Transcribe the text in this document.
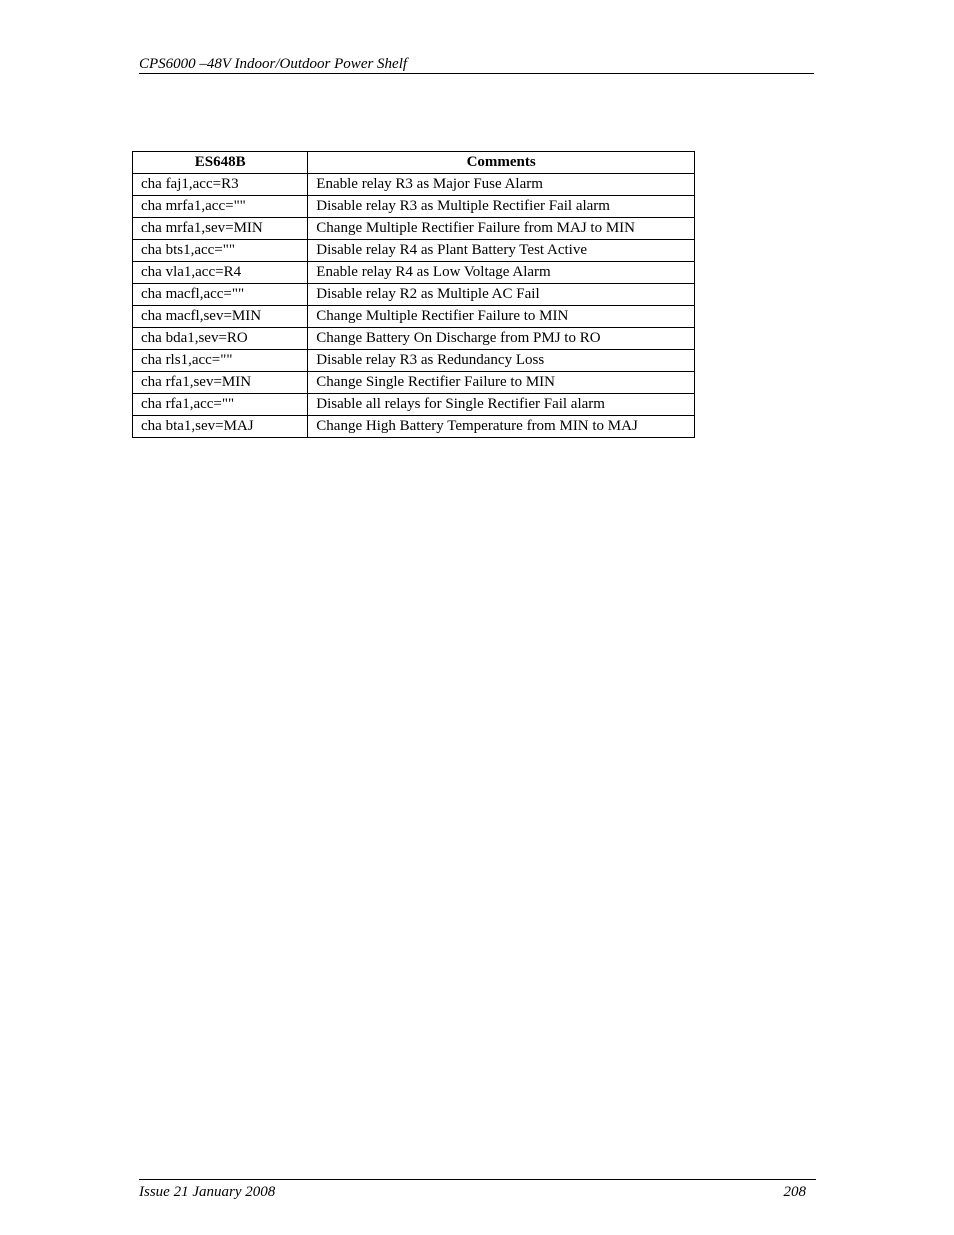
CPS6000 –48V Indoor/Outdoor Power Shelf
ES648B	Comments
cha faj1,acc=R3	Enable relay R3 as Major Fuse Alarm
cha mrfa1,acc=""	Disable relay R3 as Multiple Rectifier Fail alarm
cha mrfa1,sev=MIN	Change Multiple Rectifier Failure from MAJ to MIN
cha bts1,acc=""	Disable relay R4 as Plant Battery Test Active
cha vla1,acc=R4	Enable relay R4 as Low Voltage Alarm
cha macfl,acc=""	Disable relay R2 as Multiple AC Fail
cha macfl,sev=MIN	Change Multiple Rectifier Failure to MIN
cha bda1,sev=RO	Change Battery On Discharge from PMJ to RO
cha rls1,acc=""	Disable relay R3 as Redundancy Loss
cha rfa1,sev=MIN	Change Single Rectifier Failure to MIN
cha rfa1,acc=""	Disable all relays for Single Rectifier Fail alarm
cha bta1,sev=MAJ	Change High Battery Temperature from MIN to MAJ
Issue 21 January 2008	208
